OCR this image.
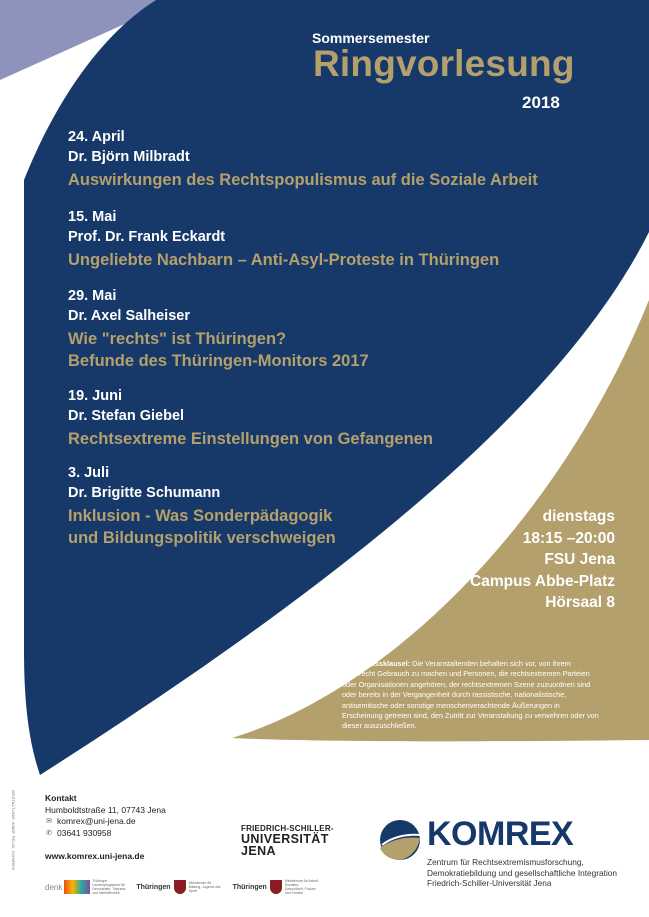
Sommersemester
Ringvorlesung
2018
24. April
Dr. Björn Milbradt
Auswirkungen des Rechtspopulismus auf die Soziale Arbeit
15. Mai
Prof. Dr. Frank Eckardt
Ungeliebte Nachbarn – Anti-Asyl-Proteste in Thüringen
29. Mai
Dr. Axel Salheiser
Wie "rechts" ist Thüringen?
Befunde des Thüringen-Monitors 2017
19. Juni
Dr. Stefan Giebel
Rechtsextreme Einstellungen von Gefangenen
3. Juli
Dr. Brigitte Schumann
Inklusion - Was Sonderpädagogik
und Bildungspolitik verschweigen
dienstags
18:15 –20:00
FSU Jena
Campus Abbe-Platz
Hörsaal 8
Ausschlussklausel: Die Veranstaltenden behalten sich vor, von ihrem Hausrecht Gebrauch zu machen und Personen, die rechtsextremen Parteien oder Organisationen angehören, der rechtsextremen Szene zuzuordnen sind oder bereits in der Vergangenheit durch rassistische, nationalistische, antisemitische oder sonstige menschenverachtende Äußerungen in Erscheinung getreten sind, den Zutritt zur Veranstaltung zu verwehren oder von dieser auszuschließen.
GESTALTUNG: ANKE FELIX, KOMREX	Kontakt
Humboldtstraße 11, 07743 Jena
✉ komrex@uni-jena.de
✆ 03641 930958
www.komrex.uni-jena.de
FRIEDRICH-SCHILLER-
UNIVERSITÄT
JENA	KOMREX
Zentrum für Rechtsextremismusforschung,
Demokratiebildung und gesellschaftliche Integration
Friedrich-Schiller-Universität Jena
denk
Thüringer Landesprogramm für Demokratie, Toleranz und Weltoffenheit
Thüringen
Ministerium für Bildung, Jugend und Sport
Thüringen
Ministerium für Arbeit, Soziales, Gesundheit, Frauen und Familie
